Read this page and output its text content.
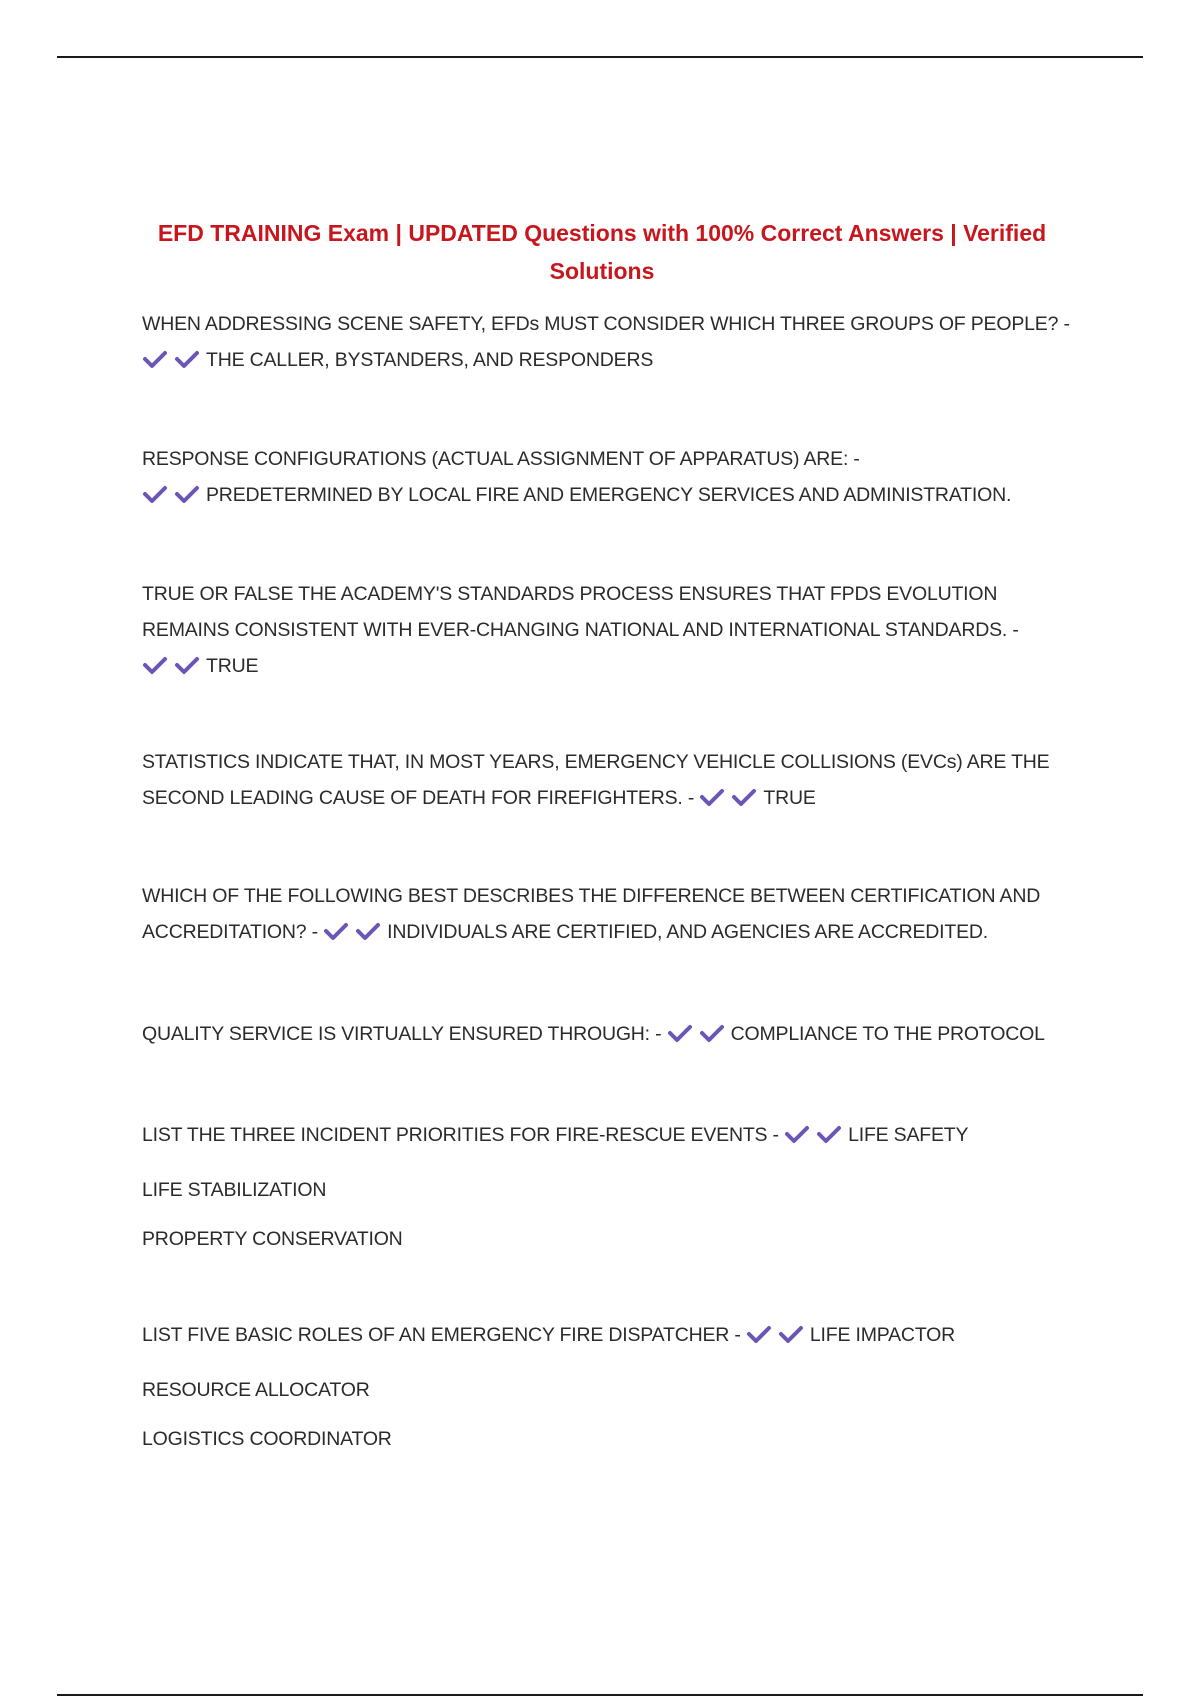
EFD TRAINING Exam | UPDATED Questions with 100% Correct Answers | Verified Solutions
WHEN ADDRESSING SCENE SAFETY, EFDs MUST CONSIDER WHICH THREE GROUPS OF PEOPLE? -

THE CALLER, BYSTANDERS, AND RESPONDERS
RESPONSE CONFIGURATIONS (ACTUAL ASSIGNMENT OF APPARATUS) ARE: -

PREDETERMINED BY LOCAL FIRE AND EMERGENCY SERVICES AND ADMINISTRATION.
TRUE OR FALSE THE ACADEMY'S STANDARDS PROCESS ENSURES THAT FPDS EVOLUTION REMAINS CONSISTENT WITH EVER-CHANGING NATIONAL AND INTERNATIONAL STANDARDS. -
TRUE
STATISTICS INDICATE THAT, IN MOST YEARS, EMERGENCY VEHICLE COLLISIONS (EVCs) ARE THE SECOND LEADING CAUSE OF DEATH FOR FIREFIGHTERS. -	TRUE
WHICH OF THE FOLLOWING BEST DESCRIBES THE DIFFERENCE BETWEEN CERTIFICATION AND ACCREDITATION? -	INDIVIDUALS ARE CERTIFIED, AND AGENCIES ARE ACCREDITED.
QUALITY SERVICE IS VIRTUALLY ENSURED THROUGH: -	COMPLIANCE TO THE PROTOCOL
LIST THE THREE INCIDENT PRIORITIES FOR FIRE-RESCUE EVENTS -	LIFE SAFETY
LIFE STABILIZATION
PROPERTY CONSERVATION
LIST FIVE BASIC ROLES OF AN EMERGENCY FIRE DISPATCHER -	LIFE IMPACTOR
RESOURCE ALLOCATOR
LOGISTICS COORDINATOR
